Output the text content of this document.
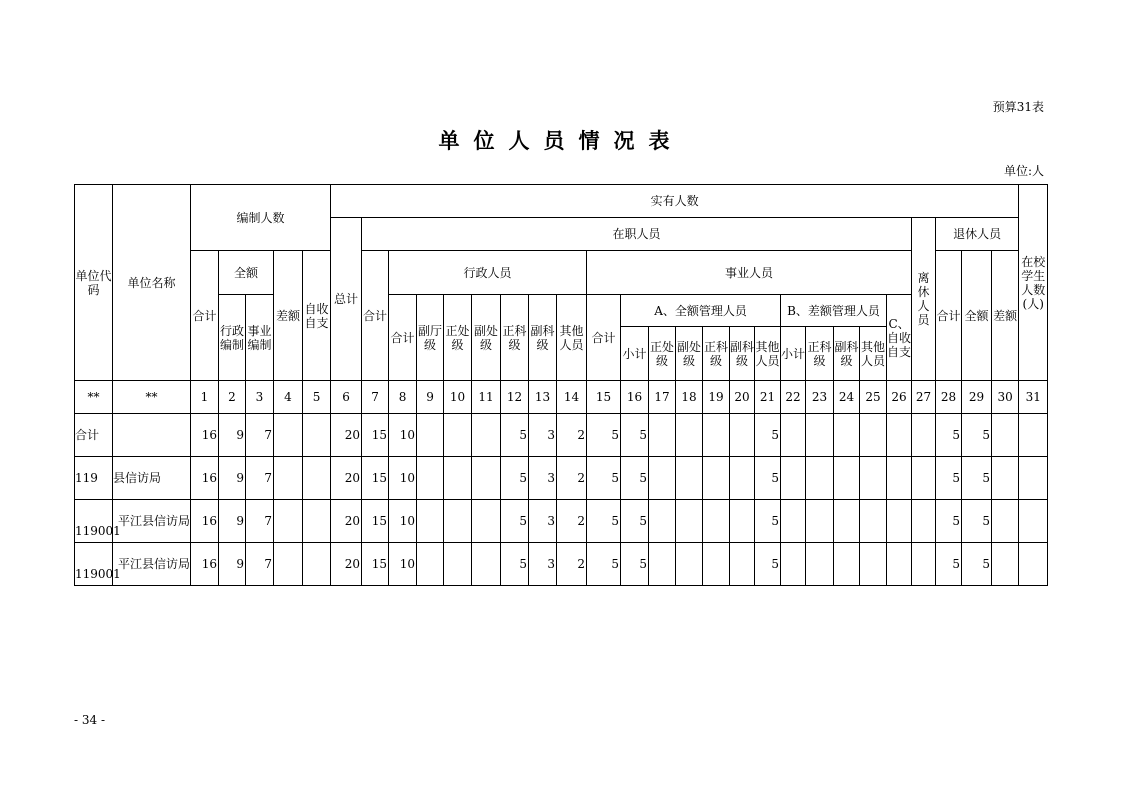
预算31表
单位人员情况表
单位:人
单位代码	单位名称	编制人数					实有人数																									在校学生人数(人)
							总计	在职人员																				离休人员	退休人员			
		合计	全额		差额	自收自支		合计	行政人员							事业人员													合计	全额	差额	
			行政编制	事业编制					合计	副厅级	正处级	副处级	正科级	副科级	其他人员	合计	A、全额管理人员						B、差额管理人员				C、自收自支					
																	小计	正处级	副处级	正科级	副科级	其他人员	小计	正科级	副科级	其他人员						
**	**	1	2	3	4	5	6	7	8	9	10	11	12	13	14	15	16	17	18	19	20	21	22	23	24	25	26	27	28	29	30	31
合计		16	9	7			20	15	10				5	3	2	5	5					5							5	5		
119	县信访局	16	9	7			20	15	10				5	3	2	5	5					5							5	5		
119001	平江县信访局	16	9	7			20	15	10				5	3	2	5	5					5							5	5		
119001	平江县信访局	16	9	7			20	15	10				5	3	2	5	5					5							5	5		
- 34 -
